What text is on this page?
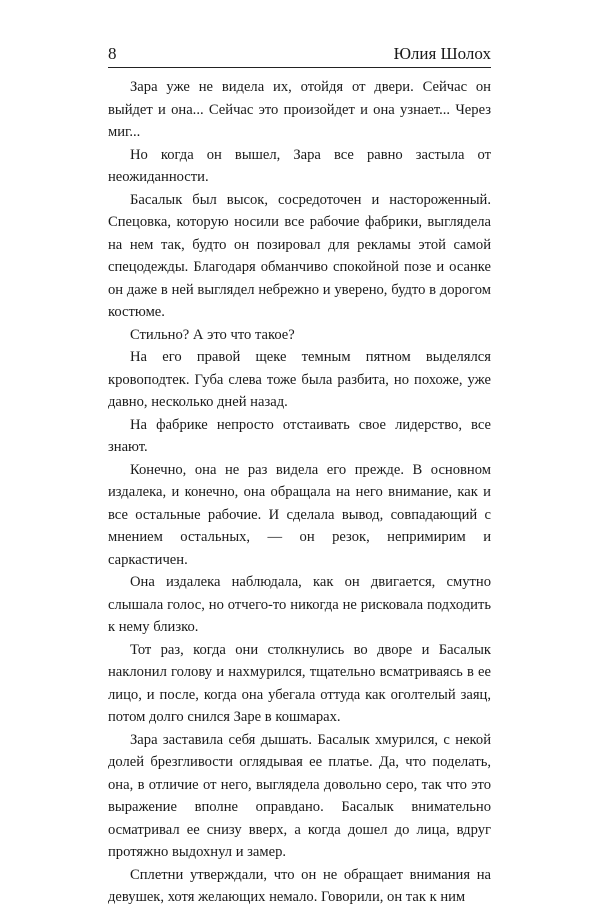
8	Юлия Шолох

Зара уже не видела их, отойдя от двери. Сейчас он выйдет и она... Сейчас это произойдет и она узнает... Через миг...

Но когда он вышел, Зара все равно застыла от неожиданности.

Басалык был высок, сосредоточен и настороженный. Спецовка, которую носили все рабочие фабрики, выглядела на нем так, будто он позировал для рекламы этой самой спецодежды. Благодаря обманчиво спокойной позе и осанке он даже в ней выглядел небрежно и уверено, будто в дорогом костюме.

Стильно? А это что такое?

На его правой щеке темным пятном выделялся кровоподтек. Губа слева тоже была разбита, но похоже, уже давно, несколько дней назад.

На фабрике непросто отстаивать свое лидерство, все знают.

Конечно, она не раз видела его прежде. В основном издалека, и конечно, она обращала на него внимание, как и все остальные рабочие. И сделала вывод, совпадающий с мнением остальных, — он резок, непримирим и саркастичен.

Она издалека наблюдала, как он двигается, смутно слышала голос, но отчего-то никогда не рисковала подходить к нему близко.

Тот раз, когда они столкнулись во дворе и Басалык наклонил голову и нахмурился, тщательно всматриваясь в ее лицо, и после, когда она убегала оттуда как оголтелый заяц, потом долго снился Заре в кошмарах.

Зара заставила себя дышать. Басалык хмурился, с некой долей брезгливости оглядывая ее платье. Да, что поделать, она, в отличие от него, выглядела довольно серо, так что это выражение вполне оправдано. Басалык внимательно осматривал ее снизу вверх, а когда дошел до лица, вдруг протяжно выдохнул и замер.

Сплетни утверждали, что он не обращает внимания на девушек, хотя желающих немало. Говорили, он так к ним
